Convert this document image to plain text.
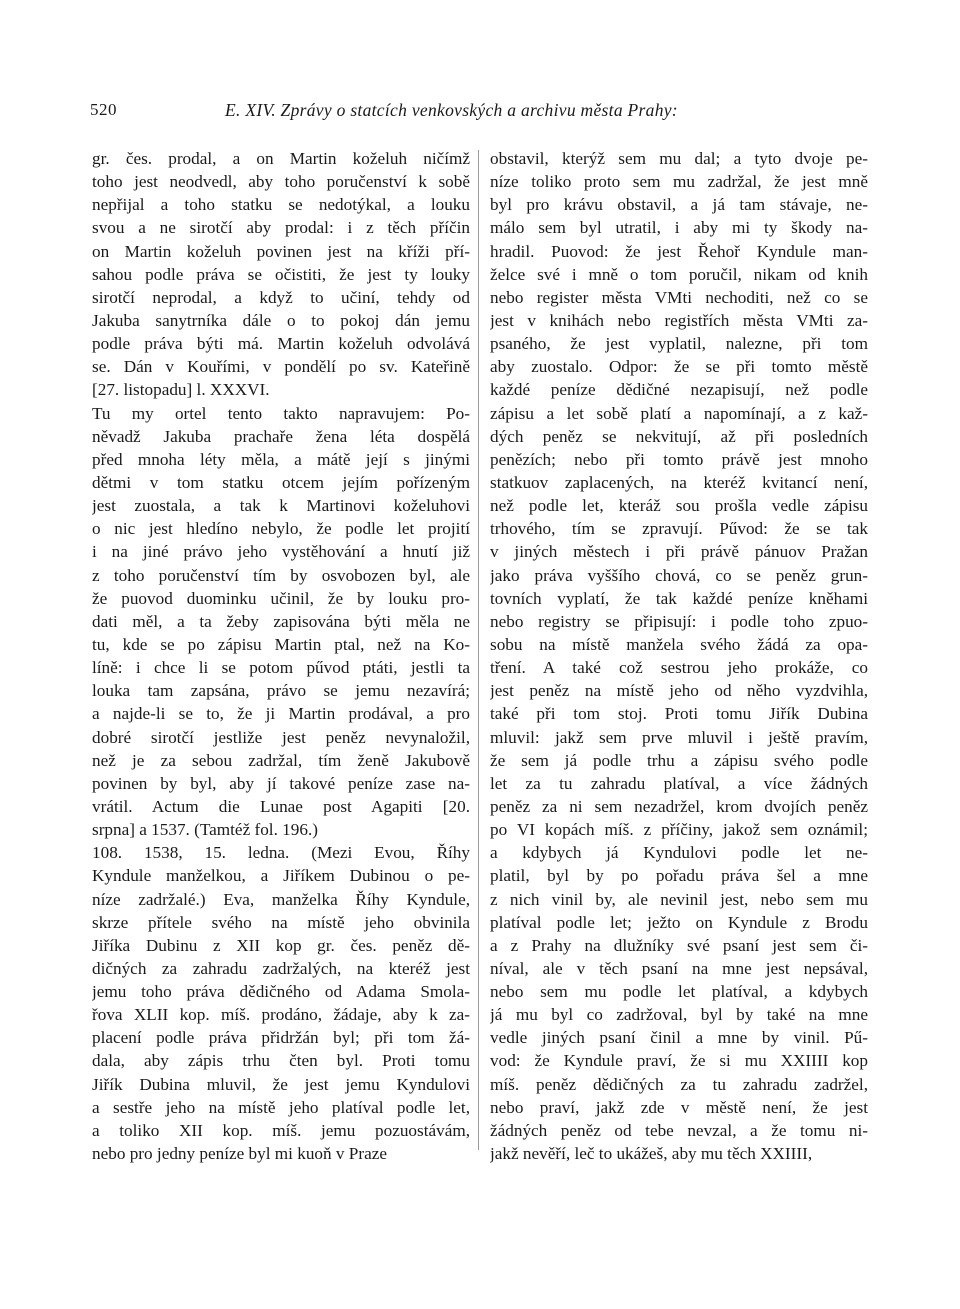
520	E. XIV. Zprávy o statcích venkovských a archivu města Prahy:
gr. čes. prodal, a on Martin koželuh ničímž
toho jest neodvedl, aby toho poručenství k sobě
nepřijal a toho statku se nedotýkal, a louku
svou a ne sirotčí aby prodal: i z těch příčin
on Martin koželuh povinen jest na kříži pří-
sahou podle práva se očistiti, že jest ty louky
sirotčí neprodal, a když to učiní, tehdy od
Jakuba sanytrníka dále o to pokoj dán jemu
podle práva býti má. Martin koželuh odvolává
se. Dán v Kouřími, v pondělí po sv. Kateřině
[27. listopadu] l. XXXVI.
Tu my ortel tento takto napravujem: Po-
něvadž Jakuba prachaře žena léta dospělá
před mnoha léty měla, a mátě její s jinými
dětmi v tom statku otcem jejím pořízeným
jest zuostala, a tak k Martinovi koželuhovi
o nic jest hledíno nebylo, že podle let projití
i na jiné právo jeho vystěhování a hnutí již
z toho poručenství tím by osvobozen byl, ale
že puovod duominku učinil, že by louku pro-
dati měl, a ta žeby zapisována býti měla ne
tu, kde se po zápisu Martin ptal, než na Ko-
líně: i chce li se potom pűvod ptáti, jestli ta
louka tam zapsána, právo se jemu nezavírá;
a najde-li se to, že ji Martin prodával, a pro
dobré sirotčí jestliže jest peněz nevynaložil,
než je za sebou zadržal, tím ženě Jakubově
povinen by byl, aby jí takové peníze zase na-
vrátil. Actum die Lunae post Agapiti [20.
srpna] a 1537. (Tamtéž fol. 196.)
108. 1538, 15. ledna. (Mezi Evou, Říhy
Kyndule manželkou, a Jiříkem Dubinou o pe-
níze zadržalé.) Eva, manželka Říhy Kyndule,
skrze přítele svého na místě jeho obvinila
Jiříka Dubinu z XII kop gr. čes. peněz dě-
dičných za zahradu zadržalých, na kteréž jest
jemu toho práva dědičného od Adama Smola-
řova XLII kop. míš. prodáno, žádaje, aby k za-
placení podle práva přidržán byl; při tom žá-
dala, aby zápis trhu čten byl. Proti tomu
Jiřík Dubina mluvil, že jest jemu Kyndulovi
a sestře jeho na místě jeho platíval podle let,
a toliko XII kop. míš. jemu pozuostávám,
nebo pro jedny peníze byl mi kuoň v Praze
obstavil, kterýž sem mu dal; a tyto dvoje pe-
níze toliko proto sem mu zadržal, že jest mně
byl pro krávu obstavil, a já tam stávaje, ne-
málo sem byl utratil, i aby mi ty škody na-
hradil. Puovod: že jest Řehoř Kyndule man-
želce své i mně o tom poručil, nikam od knih
nebo register města VMti nechoditi, než co se
jest v knihách nebo registřích města VMti za-
psaného, že jest vyplatil, nalezne, při tom
aby zuostalo. Odpor: že se při tomto městě
každé peníze dědičné nezapisují, než podle
zápisu a let sobě platí a napomínají, a z kaž-
dých peněz se nekvitují, až při posledních
penězích; nebo při tomto právě jest mnoho
statkuov zaplacených, na kteréž kvitancí není,
než podle let, kteráž sou prošla vedle zápisu
trhového, tím se zpravují. Pűvod: že se tak
v jiných městech i při právě pánuov Pražan
jako práva vyššího chová, co se peněz grun-
tovních vyplatí, že tak každé peníze kněhami
nebo registry se připisují: i podle toho zpuo-
sobu na místě manžela svého žádá za opa-
tření. A také což sestrou jeho prokáže, co
jest peněz na místě jeho od něho vyzdvihla,
také při tom stoj. Proti tomu Jiřík Dubina
mluvil: jakž sem prve mluvil i ještě pravím,
že sem já podle trhu a zápisu svého podle
let za tu zahradu platíval, a více žádných
peněz za ni sem nezadržel, krom dvojích peněz
po VI kopách míš. z příčiny, jakož sem oznámil;
a kdybych já Kyndulovi podle let ne-
platil, byl by po pořadu práva šel a mne
z nich vinil by, ale nevinil jest, nebo sem mu
platíval podle let; ježto on Kyndule z Brodu
a z Prahy na dlužníky své psaní jest sem či-
níval, ale v těch psaní na mne jest nepsával,
nebo sem mu podle let platíval, a kdybych
já mu byl co zadržoval, byl by také na mne
vedle jiných psaní činil a mne by vinil. Pű-
vod: že Kyndule praví, že si mu XXIIII kop
míš. peněz dědičných za tu zahradu zadržel,
nebo praví, jakž zde v městě není, že jest
žádných peněz od tebe nevzal, a že tomu ni-
jakž nevěří, leč to ukážeš, aby mu těch XXIIII,
